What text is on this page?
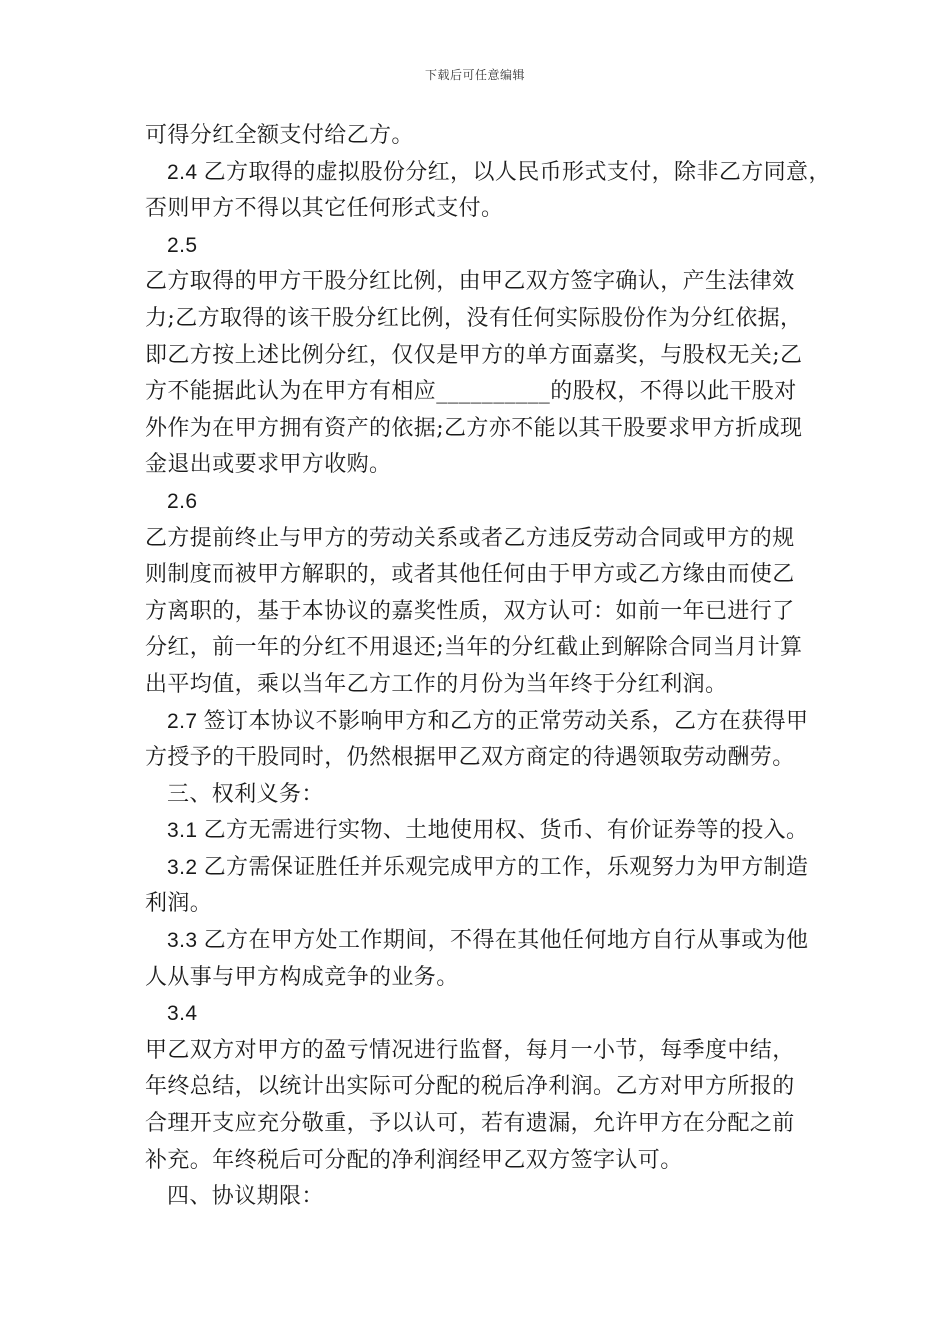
下载后可任意编辑
可得分红全额支付给乙方。
2.4 乙方取得的虚拟股份分红，以人民币形式支付，除非乙方同意，
否则甲方不得以其它任何形式支付。
2.5
乙方取得的甲方干股分红比例，由甲乙双方签字确认，产生法律效
力;乙方取得的该干股分红比例，没有任何实际股份作为分红依据，
即乙方按上述比例分红，仅仅是甲方的单方面嘉奖，与股权无关;乙
方不能据此认为在甲方有相应__________的股权，不得以此干股对
外作为在甲方拥有资产的依据;乙方亦不能以其干股要求甲方折成现
金退出或要求甲方收购。
2.6
乙方提前终止与甲方的劳动关系或者乙方违反劳动合同或甲方的规
则制度而被甲方解职的，或者其他任何由于甲方或乙方缘由而使乙
方离职的，基于本协议的嘉奖性质，双方认可：如前一年已进行了
分红，前一年的分红不用退还;当年的分红截止到解除合同当月计算
出平均值，乘以当年乙方工作的月份为当年终于分红利润。
2.7 签订本协议不影响甲方和乙方的正常劳动关系，乙方在获得甲
方授予的干股同时，仍然根据甲乙双方商定的待遇领取劳动酬劳。
三、权利义务：
3.1 乙方无需进行实物、土地使用权、货币、有价证券等的投入。
3.2 乙方需保证胜任并乐观完成甲方的工作，乐观努力为甲方制造
利润。
3.3 乙方在甲方处工作期间，不得在其他任何地方自行从事或为他
人从事与甲方构成竞争的业务。
3.4
甲乙双方对甲方的盈亏情况进行监督，每月一小节，每季度中结，
年终总结，以统计出实际可分配的税后净利润。乙方对甲方所报的
合理开支应充分敬重，予以认可，若有遗漏，允许甲方在分配之前
补充。年终税后可分配的净利润经甲乙双方签字认可。
四、协议期限：
